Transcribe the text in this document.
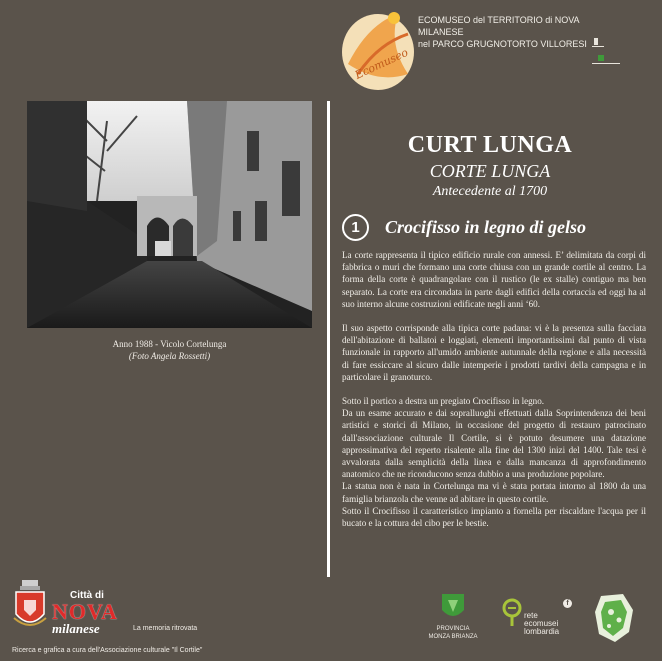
Ecomuseo
ECOMUSEO del TERRITORIO di NOVA MILANESE
nel PARCO GRUGNOTORTO VILLORESI
Anno 1988 - Vicolo Cortelunga
(Foto Angela Rossetti)
CURT LUNGA
CORTE LUNGA
Antecedente al 1700
1	Crocifisso in legno di gelso

La corte rappresenta il tipico edificio rurale con annessi. E’ delimitata da corpi di fabbrica o muri che formano una corte chiusa con un grande cortile al centro. La forma della corte è quadrangolare con il rustico (le ex stalle) contiguo ma ben separato. La corte era circondata in parte dagli edifici della cortaccia ed oggi ha al suo interno alcune costruzioni edificate negli anni ‘60.

Il suo aspetto corrisponde alla tipica corte padana: vi è la presenza sulla facciata dell'abitazione di ballatoi e loggiati, elementi importantissimi dal punto di vista funzionale in rapporto all'umido ambiente autunnale della regione e alla necessità di fare essiccare al sicuro dalle intemperie i prodotti tardivi della campagna e in particolare il granoturco.

Sotto il portico a destra un pregiato Crocifisso in legno.

Da un esame accurato e dai sopralluoghi effettuati dalla Soprintendenza dei beni artistici e storici di Milano, in occasione del progetto di restauro patrocinato dall'associazione culturale Il Cortile, si è potuto desumere una datazione approssimativa del reperto risalente alla fine del 1300 inizi del 1400. Tale tesi è avvalorata dalla semplicità della linea e dalla mancanza di approfondimento anatomico che ne riconducono senza dubbio a una produzione popolare.

La statua non è nata in Cortelunga ma vi è stata portata intorno al 1800 da una famiglia brianzola che venne ad abitare in questo cortile.

Sotto il Crocifisso il caratteristico impianto a fornella per riscaldare l'acqua per il bucato e la cottura del cibo per le bestie.

Città di
NOVA
milanese	La memoria ritrovata
Ricerca e grafica a cura dell'Associazione culturale "Il Cortile"
PROVINCIA
MONZA BRIANZA
rete
ecomusei
lombardia
f
